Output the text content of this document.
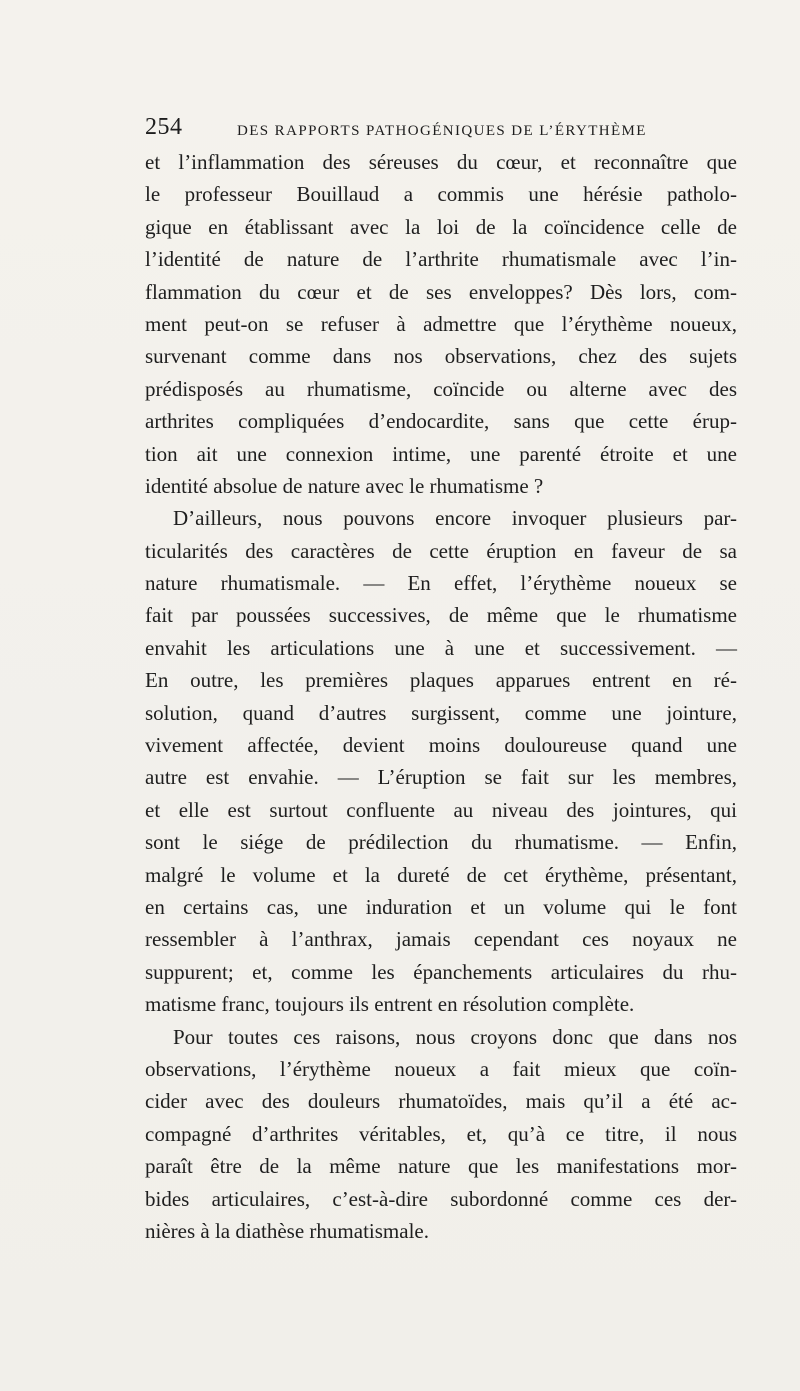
254	DES RAPPORTS PATHOGÉNIQUES DE L’ÉRYTHÈME
et l’inflammation des séreuses du cœur, et reconnaître que
le professeur Bouillaud a commis une hérésie patholo-
gique en établissant avec la loi de la coïncidence celle de
l’identité de nature de l’arthrite rhumatismale avec l’in-
flammation du cœur et de ses enveloppes? Dès lors, com-
ment peut-on se refuser à admettre que l’érythème noueux,
survenant comme dans nos observations, chez des sujets
prédisposés au rhumatisme, coïncide ou alterne avec des
arthrites compliquées d’endocardite, sans que cette érup-
tion ait une connexion intime, une parenté étroite et une
identité absolue de nature avec le rhumatisme ?
D’ailleurs, nous pouvons encore invoquer plusieurs par-
ticularités des caractères de cette éruption en faveur de sa
nature rhumatismale. — En effet, l’érythème noueux se
fait par poussées successives, de même que le rhumatisme
envahit les articulations une à une et successivement. —
En outre, les premières plaques apparues entrent en ré-
solution, quand d’autres surgissent, comme une jointure,
vivement affectée, devient moins douloureuse quand une
autre est envahie. — L’éruption se fait sur les membres,
et elle est surtout confluente au niveau des jointures, qui
sont le siége de prédilection du rhumatisme. — Enfin,
malgré le volume et la dureté de cet érythème, présentant,
en certains cas, une induration et un volume qui le font
ressembler à l’anthrax, jamais cependant ces noyaux ne
suppurent; et, comme les épanchements articulaires du rhu-
matisme franc, toujours ils entrent en résolution complète.
Pour toutes ces raisons, nous croyons donc que dans nos
observations, l’érythème noueux a fait mieux que coïn-
cider avec des douleurs rhumatoïdes, mais qu’il a été ac-
compagné d’arthrites véritables, et, qu’à ce titre, il nous
paraît être de la même nature que les manifestations mor-
bides articulaires, c’est-à-dire subordonné comme ces der-
nières à la diathèse rhumatismale.
